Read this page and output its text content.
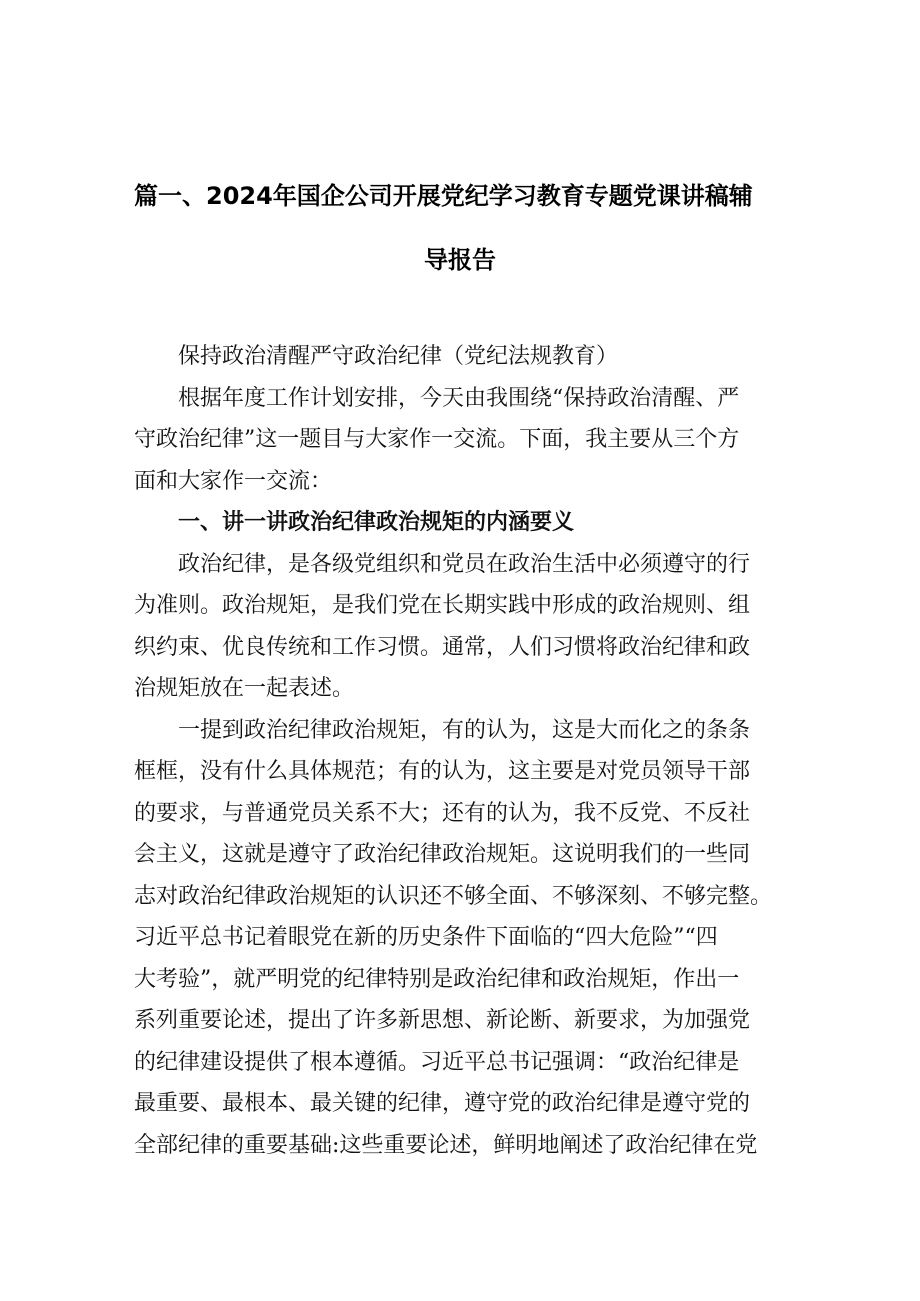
篇一、2024年国企公司开展党纪学习教育专题党课讲稿辅
导报告

保持政治清醒严守政治纪律（党纪法规教育）

根据年度工作计划安排，今天由我围绕“保持政治清醒、严
守政治纪律”这一题目与大家作一交流。下面，我主要从三个方
面和大家作一交流：

一、讲一讲政治纪律政治规矩的内涵要义

政治纪律，是各级党组织和党员在政治生活中必须遵守的行
为准则。政治规矩，是我们党在长期实践中形成的政治规则、组
织约束、优良传统和工作习惯。通常，人们习惯将政治纪律和政
治规矩放在一起表述。

一提到政治纪律政治规矩，有的认为，这是大而化之的条条
框框，没有什么具体规范；有的认为，这主要是对党员领导干部
的要求，与普通党员关系不大；还有的认为，我不反党、不反社
会主义，这就是遵守了政治纪律政治规矩。这说明我们的一些同
志对政治纪律政治规矩的认识还不够全面、不够深刻、不够完整。
习近平总书记着眼党在新的历史条件下面临的“四大危险”“四
大考验”，就严明党的纪律特别是政治纪律和政治规矩，作出一
系列重要论述，提出了许多新思想、新论断、新要求，为加强党
的纪律建设提供了根本遵循。习近平总书记强调：“政治纪律是
最重要、最根本、最关键的纪律，遵守党的政治纪律是遵守党的
全部纪律的重要基础:这些重要论述，鲜明地阐述了政治纪律在党
